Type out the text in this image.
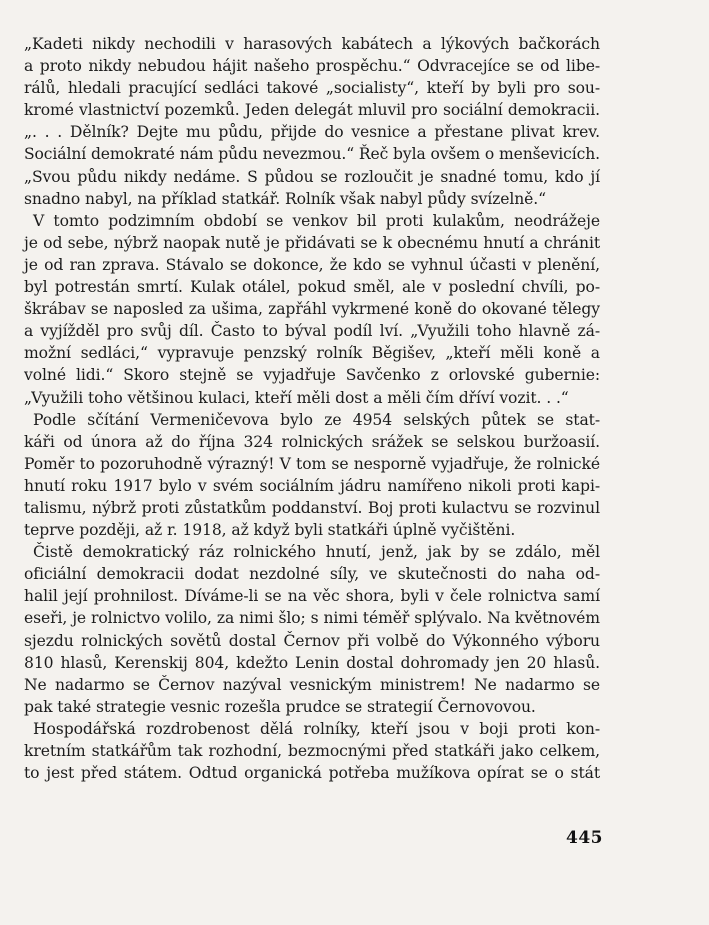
„Kadeti nikdy nechodili v harasových kabátech a lýkových bačkorách
a proto nikdy nebudou hájit našeho prospěchu.“ Odvracejíce se od libe-
rálů, hledali pracující sedláci takové „socialisty“, kteří by byli pro sou-
kromé vlastnictví pozemků. Jeden delegát mluvil pro sociální demokracii.
„. . . Dělník? Dejte mu půdu, přijde do vesnice a přestane plivat krev.
Sociální demokraté nám půdu nevezmou.“ Řeč byla ovšem o menševicích.
„Svou půdu nikdy nedáme. S půdou se rozloučit je snadné tomu, kdo jí
snadno nabyl, na příklad statkář. Rolník však nabyl půdy svízelně.“
V tomto podzimním období se venkov bil proti kulakům, neodrážeje
je od sebe, nýbrž naopak nutě je přidávati se k obecnému hnutí a chránit
je od ran zprava. Stávalo se dokonce, že kdo se vyhnul účasti v plenění,
byl potrestán smrtí. Kulak otálel, pokud směl, ale v poslední chvíli, po-
škrábav se naposled za ušima, zapřáhl vykrmené koně do okované tělegy
a vyjížděl pro svůj díl. Často to býval podíl lví. „Využili toho hlavně zá-
možní sedláci,“ vypravuje penzský rolník Běgišev, „kteří měli koně a
volné lidi.“ Skoro stejně se vyjadřuje Savčenko z orlovské gubernie:
„Využili toho většinou kulaci, kteří měli dost a měli čím dříví vozit. . .“
Podle sčítání Vermeničevova bylo ze 4954 selských půtek se stat-
káři od února až do října 324 rolnických srážek se selskou buržoasií.
Poměr to pozoruhodně výrazný! V tom se nesporně vyjadřuje, že rolnické
hnutí roku 1917 bylo v svém sociálním jádru namířeno nikoli proti kapi-
talismu, nýbrž proti zůstatkům poddanství. Boj proti kulactvu se rozvinul
teprve později, až r. 1918, až když byli statkáři úplně vyčištěni.
Čistě demokratický ráz rolnického hnutí, jenž, jak by se zdálo, měl
oficiální demokracii dodat nezdolné síly, ve skutečnosti do naha od-
halil její prohnilost. Díváme-li se na věc shora, byli v čele rolnictva samí
eseři, je rolnictvo volilo, za nimi šlo; s nimi téměř splývalo. Na květnovém
sjezdu rolnických sovětů dostal Černov při volbě do Výkonného výboru
810 hlasů, Kerenskij 804, kdežto Lenin dostal dohromady jen 20 hlasů.
Ne nadarmo se Černov nazýval vesnickým ministrem! Ne nadarmo se
pak také strategie vesnic rozešla prudce se strategií Černovovou.
Hospodářská rozdrobenost dělá rolníky, kteří jsou v boji proti kon-
kretním statkářům tak rozhodní, bezmocnými před statkáři jako celkem,
to jest před státem. Odtud organická potřeba mužíkova opírat se o stát
445
